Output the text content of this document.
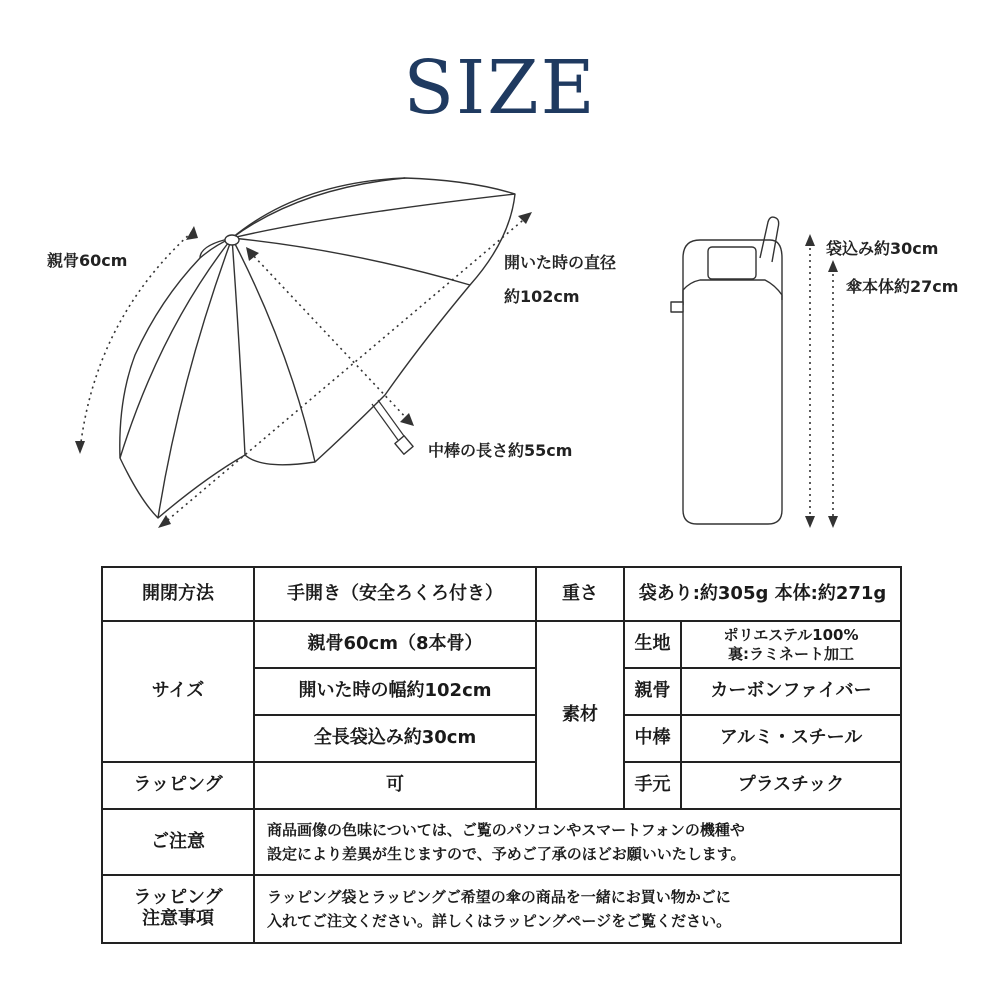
SIZE
親骨60cm	開いた時の直径
約102cm
中棒の長さ約55cm
袋込み約30cm
傘本体約27cm
開閉方法	手開き（安全ろくろ付き）	重さ	袋あり:約305g 本体:約271g	
サイズ	親骨60cm（8本骨）	素材	生地	ポリエステル100%
裏:ラミネート加工
	開いた時の幅約102cm		親骨	カーボンファイバー
	全長袋込み約30cm		中棒	アルミ・スチール
ラッピング	可		手元	プラスチック
ご注意	商品画像の色味については、ご覧のパソコンやスマートフォンの機種や
設定により差異が生じますので、予めご了承のほどお願いいたします。			
ラッピング
注意事項	ラッピング袋とラッピングご希望の傘の商品を一緒にお買い物かごに
入れてご注文ください。詳しくはラッピングページをご覧ください。			
